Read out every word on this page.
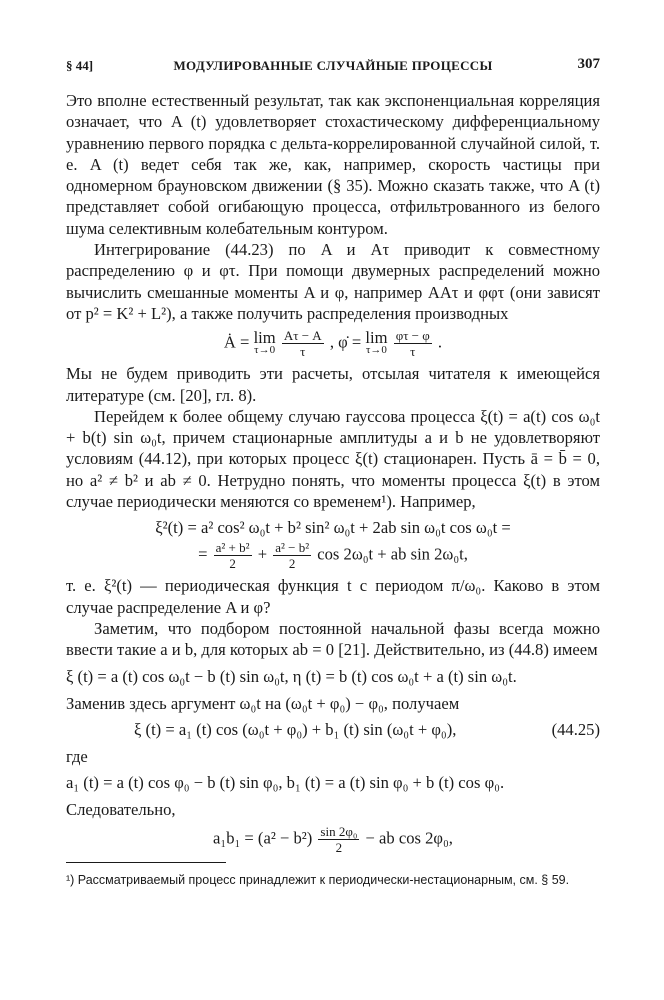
§ 44]	МОДУЛИРОВАННЫЕ СЛУЧАЙНЫЕ ПРОЦЕССЫ	307

Это вполне естественный результат, так как экспоненциальная корреляция означает, что A (t) удовлетворяет стохастическому дифференциальному уравнению первого порядка с дельта-коррелированной случайной силой, т. е. A (t) ведет себя так же, как, например, скорость частицы при одномерном брауновском движении (§ 35). Можно сказать также, что A (t) представляет собой огибающую процесса, отфильтрованного из белого шума селективным колебательным контуром.

Интегрирование (44.23) по A и Aτ приводит к совместному распределению φ и φτ. При помощи двумерных распределений можно вычислить смешанные моменты A и φ, например AAτ и φφτ (они зависят от p² = K² + L²), а также получить распределения производных

Ȧ = lim
τ→0
$\frac{A\tau - A}{\tau}$ , φ̇ = lim
τ→0
$\frac{\varphi\tau - \varphi}{\tau}$ .

Мы не будем приводить эти расчеты, отсылая читателя к имеющейся литературе (см. [20], гл. 8).

Перейдем к более общему случаю гауссова процесса ξ(t) = a(t) cos ω₀t + b(t) sin ω₀t, причем стационарные амплитуды a и b не удовлетворяют условиям (44.12), при которых процесс ξ(t) стационарен. Пусть ā = b̄ = 0, но a² ≠ b² и ab ≠ 0. Нетрудно понять, что моменты процесса ξ(t) в этом случае периодически меняются со временем¹). Например,

ξ²(t) = a² cos² ω₀t + b² sin² ω₀t + 2ab sin ω₀t cos ω₀t =
= $\frac{\text{a² + b²}}{2} + \frac{\text{a² − b²}}{2}$ cos 2ω₀t + ab sin 2ω₀t,

т. е. ξ²(t) — периодическая функция t с периодом π/ω₀. Каково в этом случае распределение A и φ?

Заметим, что подбором постоянной начальной фазы всегда можно ввести такие a и b, для которых ab = 0 [21]. Действительно, из (44.8) имеем

ξ (t) = a (t) cos ω₀t − b (t) sin ω₀t, η (t) = b (t) cos ω₀t + a (t) sin ω₀t.

Заменив здесь аргумент ω₀t на (ω₀t + φ₀) − φ₀, получаем

ξ (t) = a₁ (t) cos (ω₀t + φ₀) + b₁ (t) sin (ω₀t + φ₀),	(44.25)

где

a₁ (t) = a (t) cos φ₀ − b (t) sin φ₀, b₁ (t) = a (t) sin φ₀ + b (t) cos φ₀.

Следовательно,

$a_1b_1 = (a^2 - b^2) \frac{\text{sin 2φ₀}}{2}$ − ab cos 2φ₀,
¹) Рассматриваемый процесс принадлежит к периодически-нестационарным, см. § 59.
